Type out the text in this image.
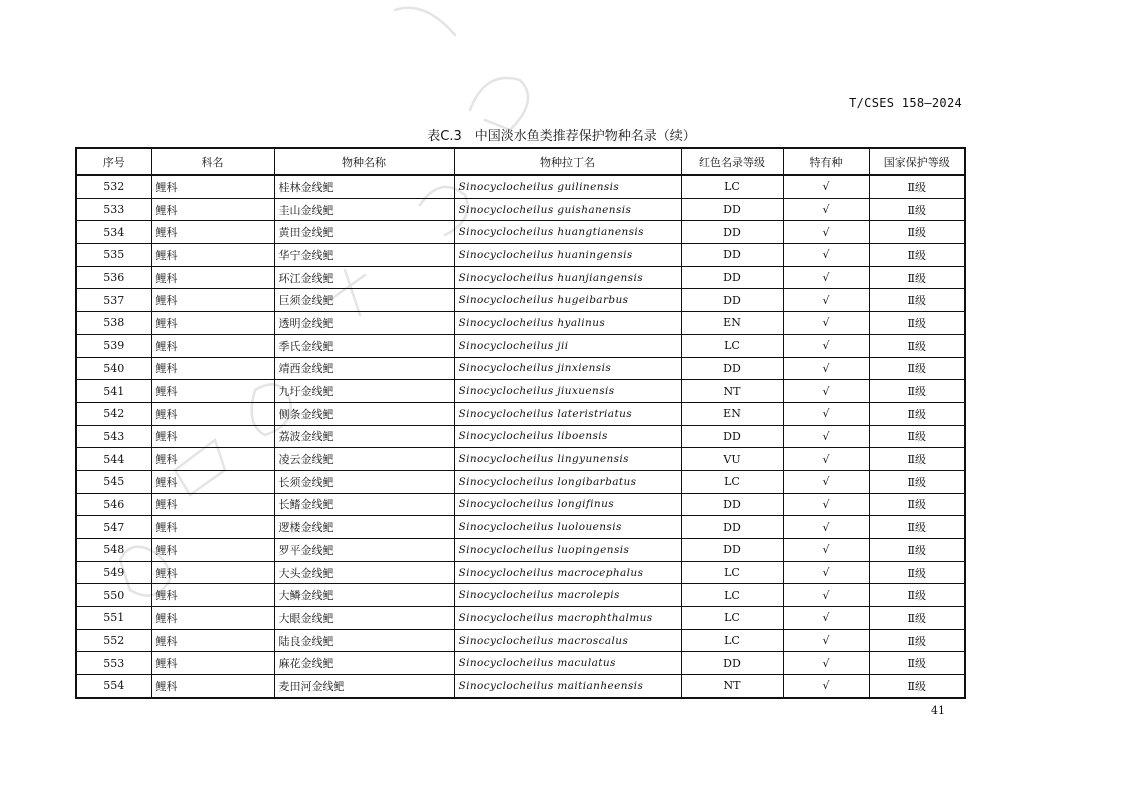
T/CSES 158—2024
表C.3　中国淡水鱼类推荐保护物种名录（续）
序号	科名	物种名称	物种拉丁名	红色名录等级	特有种	国家保护等级
532	鲤科	桂林金线鲃	Sinocyclocheilus guilinensis	LC	√	Ⅱ级
533	鲤科	圭山金线鲃	Sinocyclocheilus guishanensis	DD	√	Ⅱ级
534	鲤科	黄田金线鲃	Sinocyclocheilus huangtianensis	DD	√	Ⅱ级
535	鲤科	华宁金线鲃	Sinocyclocheilus huaningensis	DD	√	Ⅱ级
536	鲤科	环江金线鲃	Sinocyclocheilus huanjiangensis	DD	√	Ⅱ级
537	鲤科	巨须金线鲃	Sinocyclocheilus hugeibarbus	DD	√	Ⅱ级
538	鲤科	透明金线鲃	Sinocyclocheilus hyalinus	EN	√	Ⅱ级
539	鲤科	季氏金线鲃	Sinocyclocheilus jii	LC	√	Ⅱ级
540	鲤科	靖西金线鲃	Sinocyclocheilus jinxiensis	DD	√	Ⅱ级
541	鲤科	九圩金线鲃	Sinocyclocheilus jiuxuensis	NT	√	Ⅱ级
542	鲤科	侧条金线鲃	Sinocyclocheilus lateristriatus	EN	√	Ⅱ级
543	鲤科	荔波金线鲃	Sinocyclocheilus liboensis	DD	√	Ⅱ级
544	鲤科	凌云金线鲃	Sinocyclocheilus lingyunensis	VU	√	Ⅱ级
545	鲤科	长须金线鲃	Sinocyclocheilus longibarbatus	LC	√	Ⅱ级
546	鲤科	长鳍金线鲃	Sinocyclocheilus longifinus	DD	√	Ⅱ级
547	鲤科	逻楼金线鲃	Sinocyclocheilus luolouensis	DD	√	Ⅱ级
548	鲤科	罗平金线鲃	Sinocyclocheilus luopingensis	DD	√	Ⅱ级
549	鲤科	大头金线鲃	Sinocyclocheilus macrocephalus	LC	√	Ⅱ级
550	鲤科	大鳞金线鲃	Sinocyclocheilus macrolepis	LC	√	Ⅱ级
551	鲤科	大眼金线鲃	Sinocyclocheilus macrophthalmus	LC	√	Ⅱ级
552	鲤科	陆良金线鲃	Sinocyclocheilus macroscalus	LC	√	Ⅱ级
553	鲤科	麻花金线鲃	Sinocyclocheilus maculatus	DD	√	Ⅱ级
554	鲤科	麦田河金线鲃	Sinocyclocheilus maitianheensis	NT	√	Ⅱ级
41
